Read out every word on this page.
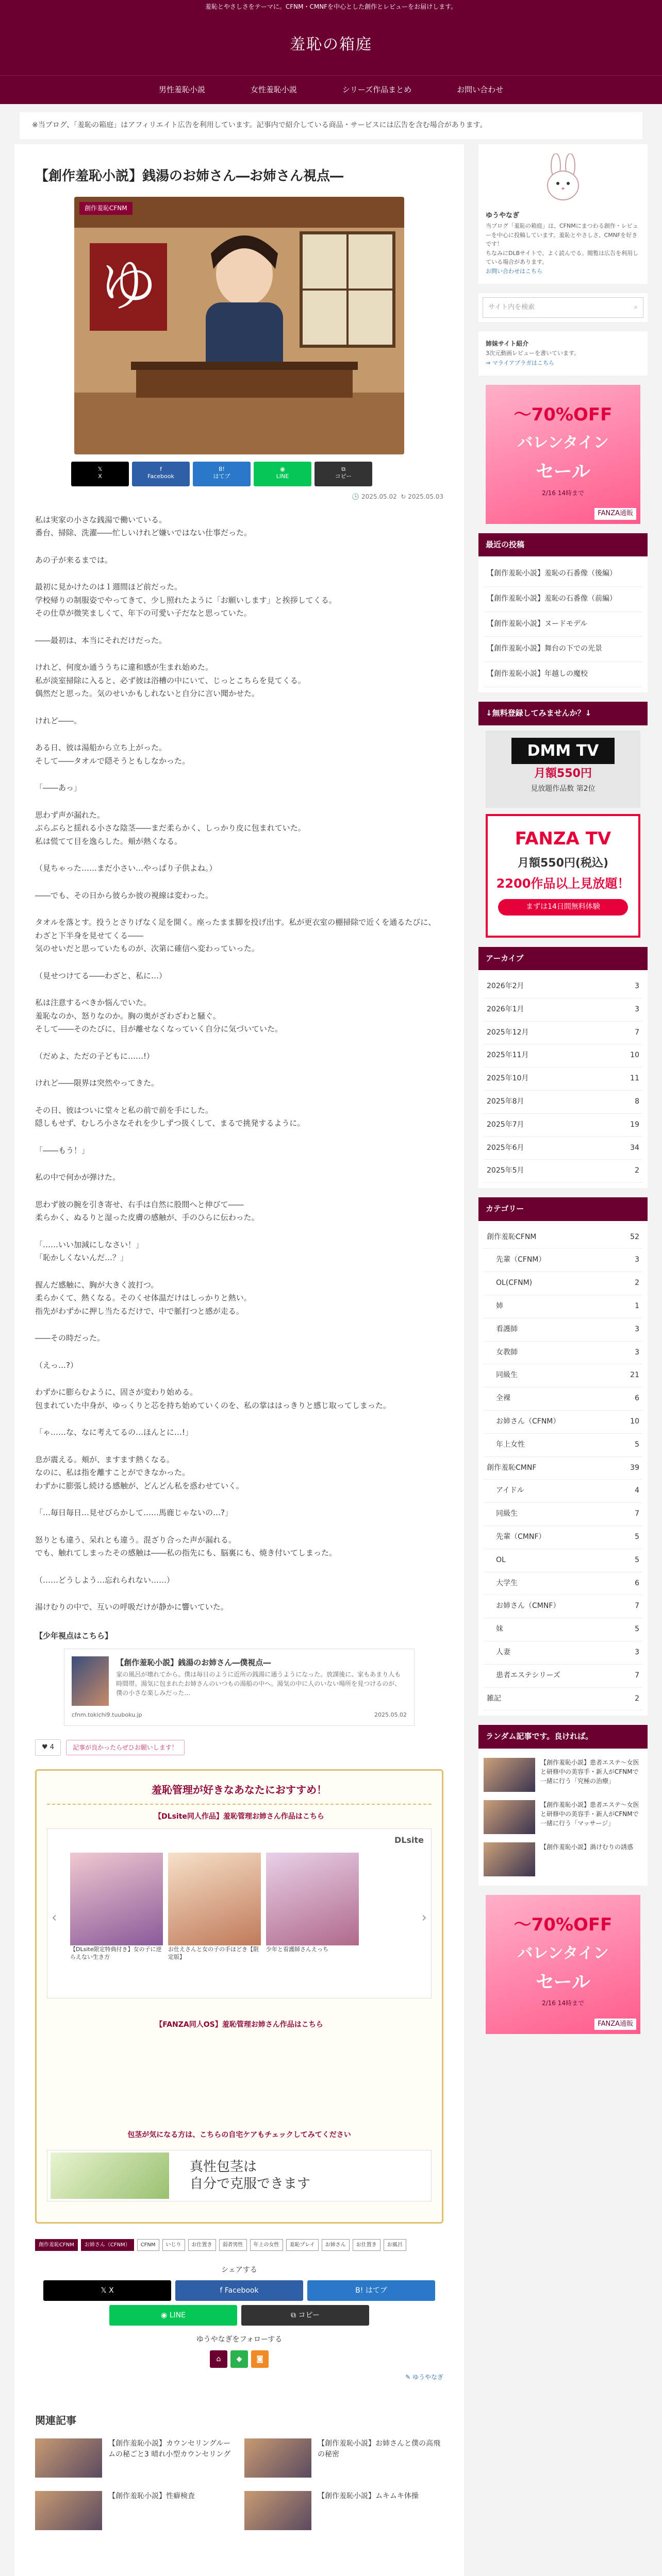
羞恥とやさしさをテーマに。CFNM・CMNFを中心とした創作とレビューをお届けします。
羞恥の箱庭
男性羞恥小説	女性羞恥小説	シリーズ作品まとめ	お問い合わせ
※当ブログ、「羞恥の箱庭」はアフィリエイト広告を利用しています。記事内で紹介している商品・サービスには広告を含む場合があります。
【創作羞恥小説】銭湯のお姉さん―お姉さん視点―
ゆ
創作羞恥CFNM
𝕏
X
f
Facebook
B!
はてブ
◉
LINE
⧉
コピー
🕓 2025.05.02 ↻ 2025.05.03

私は実家の小さな銭湯で働いている。
番台、掃除、洗濯――忙しいけれど嫌いではない仕事だった。

あの子が来るまでは。

最初に見かけたのは１週間ほど前だった。
学校帰りの制服姿でやってきて、少し照れたように「お願いします」と挨拶してくる。
その仕草が微笑ましくて、年下の可愛い子だなと思っていた。

――最初は、本当にそれだけだった。

けれど、何度か通ううちに違和感が生まれ始めた。
私が淡室掃除に入ると、必ず彼は浴槽の中にいて、じっとこちらを見てくる。
偶然だと思った。気のせいかもしれないと自分に言い聞かせた。

けれど――。

ある日、彼は湯船から立ち上がった。
そして――タオルで隠そうともしなかった。

「――あっ」

思わず声が漏れた。
ぶらぶらと揺れる小さな陰茎――まだ柔らかく、しっかり皮に包まれていた。
私は慌てて目を逸らした。頬が熱くなる。

（見ちゃった……まだ小さい…やっぱり子供よね。）

――でも、その日から彼らか彼の視線は変わった。

タオルを落とす。投うとさりげなく足を開く。座ったまま脚を投げ出す。私が更衣室の棚掃除で近くを通るたびに、わざと下半身を見せてくる――
気のせいだと思っていたものが、次第に確信へ変わっていった。

（見せつけてる――わざと、私に…）

私は注意するべきか悩んでいた。
羞恥なのか、怒りなのか。胸の奥がざわざわと騒ぐ。
そして――そのたびに、目が離せなくなっていく自分に気づいていた。

（だめよ、ただの子どもに……!）

けれど――限界は突然やってきた。

その日、彼はついに堂々と私の前で前を手にした。
隠しもせず、むしろ小さなそれを少しずつ扱くして、まるで挑発するように。

「――もう！」

私の中で何かが弾けた。

思わず彼の腕を引き寄せ、右手は自然に股間へと伸びて――
柔らかく、ぬるりと湿った皮膚の感触が、手のひらに伝わった。

「……いい加減にしなさい！」
「恥かしくないんだ…？」

握んだ感触に、胸が大きく波打つ。
柔らかくて、熱くなる。そのくせ体温だけはしっかりと熱い。
指先がわずかに押し当たるだけで、中で脈打つと感が走る。

――その時だった。

（えっ…?）

わずかに膨らむように、固さが変わり始める。
包まれていた中身が、ゆっくりと芯を持ち始めていくのを、私の掌ははっきりと感じ取ってしまった。

「ゃ……な、なに考えてるの…ほんとに…!」

息が震える。頬が、ますます熱くなる。
なのに、私は指を離すことができなかった。
わずかに膨張し続ける感触が、どんどん私を惑わせていく。

「…毎日毎日…見せびらかして……馬鹿じゃないの…?」

怒りとも違う、呆れとも違う。混ざり合った声が漏れる。
でも、触れてしまったその感触は――私の指先にも、脳裏にも、焼き付いてしまった。

（……どうしよう…忘れられない……）

湯けむりの中で、互いの呼吸だけが静かに響いていた。

【少年視点はこちら】
【創作羞恥小説】銭湯のお姉さん―僕視点―
家の風呂が壊れてから、僕は毎日のように近所の銭湯に通うようになった。放課後に、家もあまり人も時間帯。湯気に包まれたお姉さんのいつもの湯船の中へ。湯気の中に人のいない場所を見つけるのが、僕の小さな楽しみだった…
cfnm.tokichi9.tuuboku.jp	2025.05.02
♥ 4	記事が良かったらぜひお願いします！
羞恥管理が好きなあなたにおすすめ！
【DLsite同人作品】羞恥管理お姉さん作品はこちら
DLsite
‹	›
【DLsite限定特典付き】女の子に逆らえない生き方
お仕えさんと女の子の手ほどき【限定版】
少年と看護師さんえっち
【FANZA同人OS】羞恥管理お姉さん作品はこちら
包茎が気になる方は、こちらの自宅ケアもチェックしてみてください
真性包茎は
自分で克服できます
創作羞恥CFNM	お姉さん（CFNM）	CFNM	いじり	お仕置き	弱者男性	年上の女性	羞恥プレイ	お姉さん	お仕置き	お風呂
シェアする
𝕏 X	f Facebook	B! はてブ
◉ LINE	⧉ コピー
ゆうやなぎをフォローする
⌂	◆	◙
✎ ゆうやなぎ
関連記事
【創作羞恥小説】カウンセリングルームの秘ごと3 晴れ小型カウンセリング
【創作羞恥小説】お姉さんと僕の高飛の秘密
【創作羞恥小説】性癖検査	【創作羞恥小説】ムキムキ体操
ゆうやなぎ
当ブログ「羞恥の箱庭」は、CFNMにまつわる創作・レビューを中心に投稿しています。羞恥とやさしさ、CMNFを好きです！
ちなみにDLBサイトで、よく読んでる。閲覧は広告を利用している場合があります。
お問い合わせはこちら
サイト内を検索	⌕
姉妹サイト紹介
3次元動画レビューを書いています。
⇒ マライアプラガはこちら
〜70%OFF
バレンタイン
セール
2/16 14時まで
FANZA通販
最近の投稿
【創作羞恥小説】羞恥の石番像（後編）
【創作羞恥小説】羞恥の石番像（前編）
【創作羞恥小説】ヌードモデル
【創作羞恥小説】舞台の下での光景
【創作羞恥小説】年越しの魔校
↓無料登録してみませんか？↓
DMM TV
月額550円
見放題作品数 第2位
FANZA TV
月額550円(税込)
2200作品以上見放題！
まずは14日間無料体験
アーカイブ
2026年2月	3
2026年1月	3
2025年12月	7
2025年11月	10
2025年10月	11
2025年8月	8
2025年7月	19
2025年6月	34
2025年5月	2
カテゴリー
創作羞恥CFNM	52
先輩（CFNM）	3
OL(CFNM)	2
姉	1
看護師	3
女教師	3
同級生	21
全裸	6
お姉さん（CFNM）	10
年上女性	5
創作羞恥CMNF	39
アイドル	4
同級生	7
先輩（CMNF）	5
OL	5
大学生	6
お姉さん（CMNF）	7
妹	5
人妻	3
患者エステシリーズ	7
雑記	2
ランダム記事です。良ければ。
【創作羞恥小説】患者エステ〜女医と研修中の美容手・新人がCFNMで一緒に行う「究極の治療」
【創作羞恥小説】患者エステ〜女医と研修中の美容手・新人がCFNMで一緒に行う「マッサージ」
【創作羞恥小説】渦けむりの誘惑
〜70%OFF
バレンタイン
セール
2/16 14時まで
FANZA通販
